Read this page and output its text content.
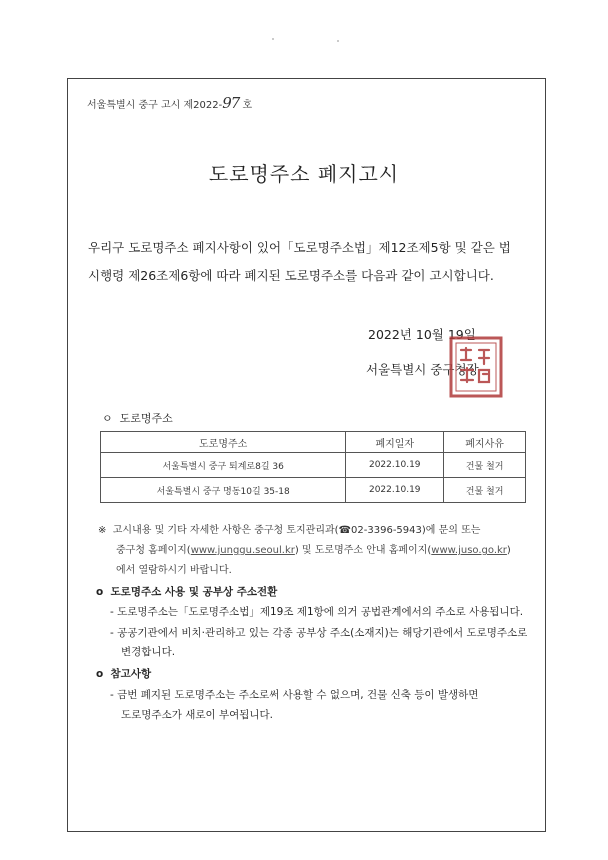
서울특별시 중구 고시 제2022-97 호
도로명주소 폐지고시
우리구 도로명주소 폐지사항이 있어「도로명주소법」제12조제5항 및 같은 법
시행령 제26조제6항에 따라 폐지된 도로명주소를 다음과 같이 고시합니다.
2022년 10월 19일
서울특별시 중구청장
ㅇ 도로명주소
도로명주소	폐지일자	폐지사유
서울특별시 중구 퇴계로8길 36	2022.10.19	건물 철거
서울특별시 중구 명동10길 35-18	2022.10.19	건물 철거
※ 고시내용 및 기타 자세한 사항은 중구청 토지관리과(☎02-3396-5943)에 문의 또는
중구청 홈페이지(www.junggu.seoul.kr) 및 도로명주소 안내 홈페이지(www.juso.go.kr)
에서 열람하시기 바랍니다.
o 도로명주소 사용 및 공부상 주소전환
- 도로명주소는「도로명주소법」제19조 제1항에 의거 공법관계에서의 주소로 사용됩니다.
- 공공기관에서 비치·관리하고 있는 각종 공부상 주소(소재지)는 해당기관에서 도로명주소로
변경합니다.
o 참고사항
- 금번 폐지된 도로명주소는 주소로써 사용할 수 없으며, 건물 신축 등이 발생하면
도로명주소가 새로이 부여됩니다.
